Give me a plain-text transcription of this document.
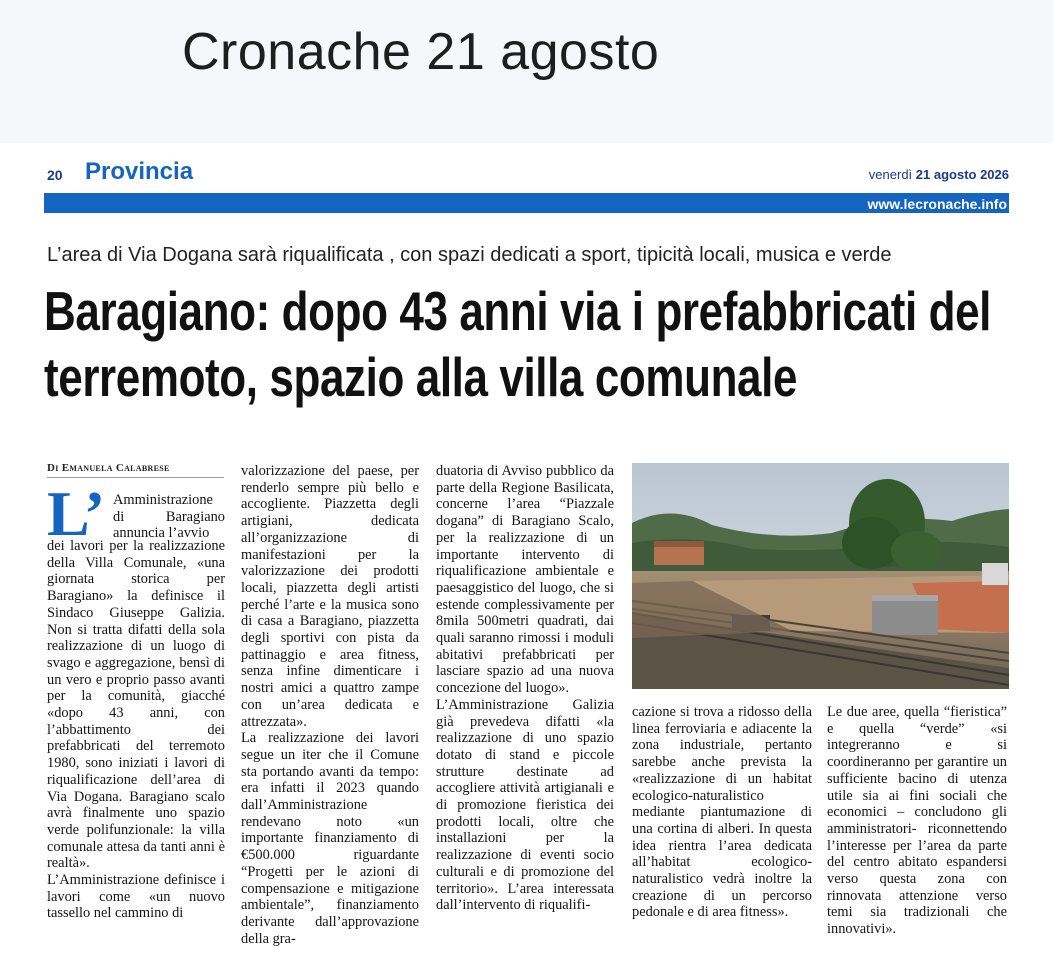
Cronache 21 agosto
20 Provincia	venerdì 21 agosto 2026
www.lecronache.info
L’area di Via Dogana sarà riqualificata , con spazi dedicati a sport, tipicità locali, musica e verde
Baragiano: dopo 43 anni via i prefabbricati del terremoto, spazio alla villa comunale
Di Emanuela Calabrese
L’ Amministrazione di Baragiano annuncia l’avvio
dei lavori per la realizzazione della Villa Comunale, «una giornata storica per Baragiano» la definisce il Sindaco Giuseppe Galizia. Non si tratta difatti della sola realizzazione di un luogo di svago e aggregazione, bensì di un vero e proprio passo avanti per la comunità, giacché «dopo 43 anni, con l’abbattimento dei prefabbricati del terremoto 1980, sono iniziati i lavori di riqualificazione dell’area di Via Dogana. Baragiano scalo avrà finalmente uno spazio verde polifunzionale: la villa comunale attesa da tanti anni è realtà».
L’Amministrazione definisce i lavori come «un nuovo tassello nel cammino di
valorizzazione del paese, per renderlo sempre più bello e accogliente. Piazzetta degli artigiani, dedicata all’organizzazione di manifestazioni per la valorizzazione dei prodotti locali, piazzetta degli artisti perché l’arte e la musica sono di casa a Baragiano, piazzetta degli sportivi con pista da pattinaggio e area fitness, senza infine dimenticare i nostri amici a quattro zampe con un’area dedicata e attrezzata».
La realizzazione dei lavori segue un iter che il Comune sta portando avanti da tempo: era infatti il 2023 quando dall’Amministrazione rendevano noto «un importante finanziamento di €500.000 riguardante “Progetti per le azioni di compensazione e mitigazione ambientale”, finanziamento derivante dall’approvazione della gra-
duatoria di Avviso pubblico da parte della Regione Basilicata, concerne l’area “Piazzale dogana” di Baragiano Scalo, per la realizzazione di un importante intervento di riqualificazione ambientale e paesaggistico del luogo, che si estende complessivamente per 8mila 500metri quadrati, dai quali saranno rimossi i moduli abitativi prefabbricati per lasciare spazio ad una nuova concezione del luogo».
L’Amministrazione Galizia già prevedeva difatti «la realizzazione di uno spazio dotato di stand e piccole strutture destinate ad accogliere attività artigianali e di promozione fieristica dei prodotti locali, oltre che installazioni per la realizzazione di eventi socio culturali e di promozione del territorio». L’area interessata dall’intervento di riqualifi-
cazione si trova a ridosso della linea ferroviaria e adiacente la zona industriale, pertanto sarebbe anche prevista la «realizzazione di un habitat ecologico-naturalistico mediante piantumazione di una cortina di alberi. In questa idea rientra l’area dedicata all’habitat ecologico-naturalistico vedrà inoltre la creazione di un percorso pedonale e di area fitness».
Le due aree, quella “fieristica” e quella “verde” «si integreranno e si coordineranno per garantire un sufficiente bacino di utenza utile sia ai fini sociali che economici – concludono gli amministratori- riconnettendo l’interesse per l’area da parte del centro abitato espandersi verso questa zona con rinnovata attenzione verso temi sia tradizionali che innovativi».
